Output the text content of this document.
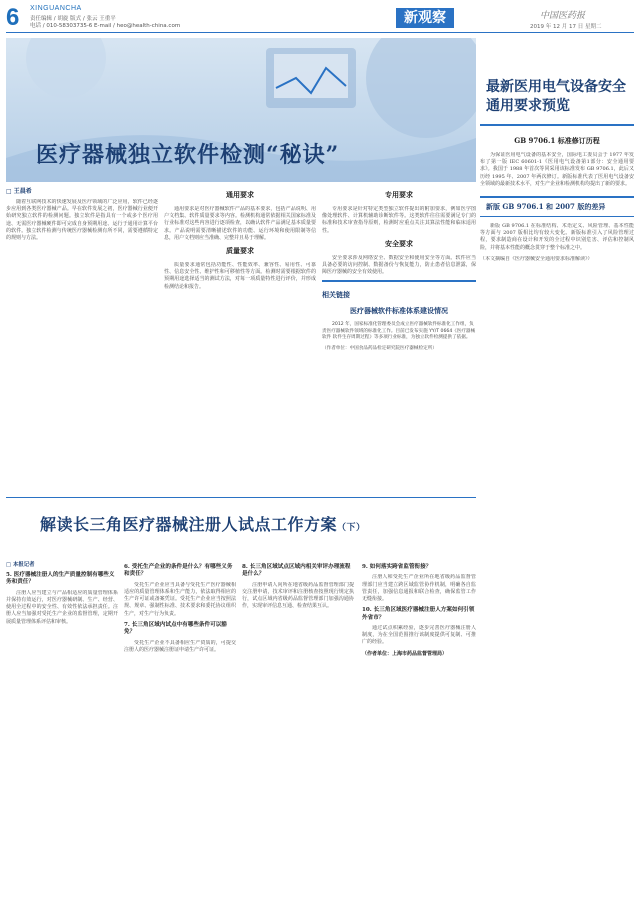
6 XINGUANCHA
责任编辑 / 胡旋 版式 / 张云 王重平
电话 / 010-58303735-6 E-mail / heo@health-china.com	新观察	中国医药报
2019 年 12 月 17 日 星期二
医疗器械独立软件检测“秘诀”
□ 王晨希
随着互联网技术的快速发展及医疗领域的广泛应用，软件已经逐步应用到各类医疗器械产品。早在软件发展之初，医疗器械行业便开始研究独立软件的检测问题。独立软件是指具有一个或多个医疗用途、无需医疗器械硬件即可完成自身预期用途、运行于通用计算平台的软件。独立软件检测与传统医疗器械检测有所不同，需要遵循特定的规则与方法。
通用要求
通用要求是对医疗器械软件产品的基本要求，包括产品说明、用户文档集、软件质量要求等内容。检测机构通常依据相关国家标准及行业标准对这些内容进行逐项检查，以确认软件产品满足基本质量要求。产品说明需要清晰描述软件的功能、运行环境和使用限制等信息，用户文档则应当准确、完整并且易于理解。
质量要求
质量要求通常包括功能性、性能效率、兼容性、易用性、可靠性、信息安全性、维护性和可移植性等方面。检测时需要根据软件的预期用途选择适当的测试方法，对每一项质量特性进行评价，并形成检测结论和报告。
专用要求
专用要求是针对特定类型独立软件提出的附加要求，例如医学图像处理软件、计算机辅助诊断软件等。这类软件往往需要满足专门的标准和技术审查指导原则，检测时应重点关注其算法性能和临床适用性。
安全要求
安全要求涉及网络安全、数据安全和使用安全等方面。软件应当具备必要的访问控制、数据备份与恢复能力，防止患者信息泄露，保障医疗器械的安全有效使用。
相关链接
医疗器械软件标准体系建设情况
2012 年，国家标准化管理委员会成立医疗器械软件标准化工作组，负责医疗器械软件领域的标准化工作。目前已发布实施 YY/T 0664《医疗器械软件 软件生存周期过程》等多项行业标准，为独立软件检测提供了依据。
（作者单位：中国食品药品检定研究院医疗器械检定所）
最新医用电气设备安全通用要求预览
GB 9706.1 标准修订历程
为保证医用电气设备的基本安全，国际电工委员会于 1977 年发布了第一版 IEC 60601-1《医用电气设备第1部分：安全通用要求》。我国于 1988 年首次等同采用该标准发布 GB 9706.1，此后又历经 1995 年、2007 年两次修订。新版标准代表了医用电气设备安全领域的最新技术水平，对生产企业和检测机构均提出了新的要求。
新版 GB 9706.1 和 2007 版的差异
新版 GB 9706.1 在标准结构、术语定义、风险管理、基本性能等方面与 2007 版相比均有较大变化。新版标准引入了风险管理过程，要求制造商在设计和开发的全过程中识别危害、评估和控制风险，并将基本性能的概念贯穿于整个标准之中。
（本文摘编自《医疗器械安全通用要求标准解读》）
解读长三角医疗器械注册人试点工作方案（下）
□ 本报记者
5. 医疗器械注册人的生产质量控制有哪些义务和责任？
注册人应当建立与产品相适应的质量管理体系并保持有效运行，对医疗器械研制、生产、经营、使用全过程中的安全性、有效性依法承担责任。注册人应当加强对受托生产企业的监督管理，定期开展质量管理体系评估和审核。
6. 受托生产企业的条件是什么？有哪些义务和责任？
受托生产企业应当具备与受托生产医疗器械相适应的质量管理体系和生产能力，依法取得相应的生产许可证或备案凭证。受托生产企业应当按照法规、规章、强制性标准、技术要求和委托协议组织生产，对生产行为负责。
7. 长三角区域内试点中有哪些条件可以豁免？
受托生产企业不具备相应生产资质的，可提交注册人的医疗器械注册证申请生产许可证。
8. 长三角区域试点区域内相关审评办理流程是什么？
注册申请人向所在地省级药品监督管理部门提交注册申请，技术审评和注册核查按照现行规定执行，试点区域内省级药品监督管理部门加强沟通协作，实现审评信息互通、检查结果互认。
9. 如何落实跨省监管衔接？
注册人和受托生产企业所在地省级药品监督管理部门应当建立跨区域监管协作机制，明确各自监管责任，加强信息通报和联合检查，确保监管工作无缝衔接。
10. 长三角区域医疗器械注册人方案如何引领外省市？
通过试点积累经验，逐步完善医疗器械注册人制度，为在全国范围推行该制度提供可复制、可推广的经验。
（作者单位：上海市药品监督管理局）
